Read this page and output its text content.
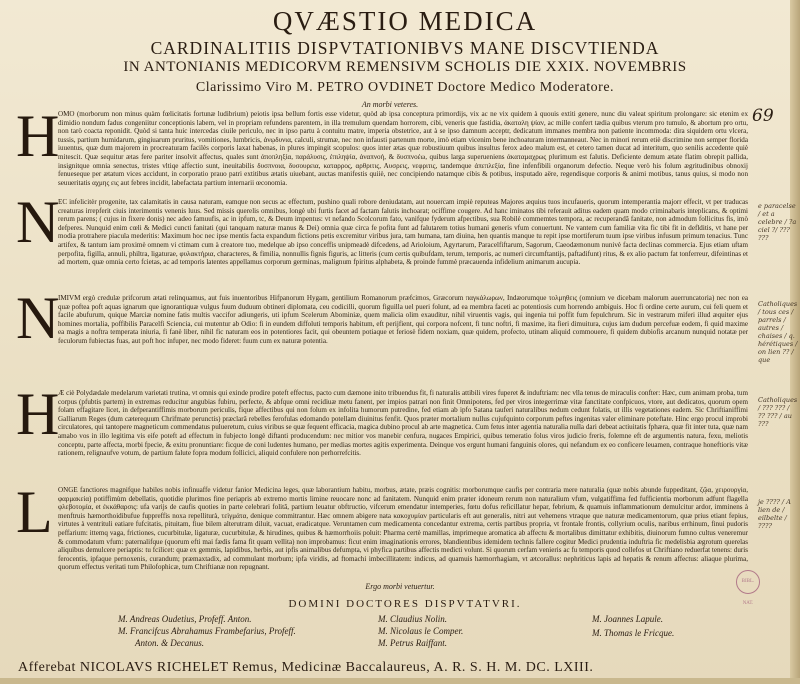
QVÆSTIO MEDICA
CARDINALITIIS DISPVTATIONIBVS MANE DISCVTIENDA
IN ANTONIANIS MEDICORVM REMENSIVM SCHOLIS DIE XXIX. NOVEMBRIS
Clarissimo Viro M. PETRO OVDINET Doctore Medico Moderatore.
An morbi veteres.
69
H

OMO (morborum non minus quàm fœlicitatis fortunæ ludibrium) peiotis ipsa bellum fortis esse videtur, quòd ab ipsa conceptura primordijs, vix ac ne vix quidem à quouis extiti genere, nunc diu valeat spiritum prolongare: sic etenim ex dimidio nondum fadus congeniitur conceptionis labem, vel in propriam refundens parentem, in illa tremulum quendam horrorem, cibi, veneris que fastidia, ἀκαταλη ψίαν, ac mille confert tædia quibus vterum pro tumulo, & abortum pro ortu, non tarò coacta reponidit. Quòd si tanta huic intercedas ciuile periculo, nec in ipso partu à contuitu matre, imperia obstetrice, aut à se ipso damnum acceptr, dedicatum immanes membra non patiente incommoda: dira siquidem ortu vlcera, tussis, partium humidarum, gingiuarum pruritus, vomitiones, lumbricis, ἀνῳδυνια, calculi, strumæ, nec non infausti partenum morte, imò etiam vicenim bene inchoaturam intermanneaut. Nec in minori rerum etiè discrimine non semper florida iuuentus, quæ dum majorem in procreaturam facilès corporis laxat habenas, in plures impingit scopulos: quos inter ætas quæ robustiuum quibus insultus ferox adeo malum est, et cetero tamen ducat ad interitum, quo senilis accedente quiè mitescit. Quæ sequitur ætas fere pariter insolvit affectus, quales sunt ἀποπληξία, παράλυσις, ἐπιληψία, ἀναπνοή, & δυσπνοέω, quibus larga superueniens ἀκαταμαχρως plurimum est falutis. Deficiente demum ætate flatim obrepit pallida, insignitque omnia senectus, tristes vltiqe affectio sunt, ineuitabilis δυσπνοια, δυσουρεια, καταρρος, αρθριτις, Αυσρεις, νεφριτις, tandemque ἀπεπλεξία, fine infenfibili organorum defectio. Neque verò his folum ægritudinibus obnoxij fenueseque per ætatum vices accidunt, in corporatio prauo patri extitibus ætatis uiuebant, auctas manifestis quiiè, nec concipiendo natamque cibis & potibus, insputado aëre, regendisque corporis & animi motibus, tanus quius, si modo non seuueritatis αχμης εις aut febres incidit, labefactata partium internarii œconomia.

N

EC infelicitèr progenite, tax calamitatis in causa naturam, eamque non secus ac effectum, pushino quali robore deniudatam, aut nouercam impiè reputeas Majores æquius tuos incufaueris, quorum intemperantia majorr effecit, vt per traducas creaturas irrepferit ciuis interimentis venenis luus. Sed missis querelis omnibus, longè ubi furtis facet ad factam falutis inchoarat; ociffime cougere. Ad hanc iminatos tibi referauit aditus eadem quam modo criminabaris inteplicans, & optimi rerum parens; ( cujus in fixere donis) nec adeo famuufis, ac in ipfum, tc, & Deum impentus: vt nefando Scolcorum fato, vanifque fyderum afpectibus, sua Robilè commemtes tempora, ac recuperandâ fanitate, non admodum follicitus fis, imò defperes. Nunquid enim cœli & Medici cuncti fanitati (qui tanquam naturæ manus & Dei) omnia quæ circa fe pofita funt ad falutarem totius humani generis vfum conuertunt. Ne vantem cum familiæ vita fic tibi fit in deflditis, vt hane per modia protrahere piacula mederitis: Maximum hoc nec ipse mentis facta expandum fictions petis excremitur viribus jura, tam humana, tam diuina, hen quantis manque tu repit ipse mortiferum tuum ipse viribus infusum primum tenacius. Tunc artifex, & tantum iam proximè omnem vi ctimam cum à creatore tuo, medelque ab ipso conceffis unipmeadè difcedens, ad Arioloium, Agyrtarum, Paracelfiftarum, Sagorum, Caeodæmonum nunivè facta declinas commercia. Ejus etiam uftam perpofita, figilla, annuli, philtra, ligaturae, φυλακτήρια, characteres, & fimilia, nonnullis fignis figuris, ac litteris (cum certis quibufdam, terum, temporis, ac numeri circumftantijs, paftadifunt) ritus, & ex alio pactum fat tonferreur, difeintinas et ad mortem, quæ omnia certo fcietas, ac ad temporis latentes appellamus corporum germinas, malignum fpiritus alphabeta, & proinde fummè præcauenda infidelium animarum aucupia.

e paracelse / et a celebre / ?a ciel ?/ ??? ???
N

IMIVM ergò credulæ prifcorum ætati relinquamus, aut fuis inuentoribus Hifpanorum Hygam, gentilium Romanorum præfcimos, Græcorum παγκάλωρων, Indæorumque τολμηθεις (omnium ve dicebam malorum auerruncatoria) nec non ea quæ poftea poft aquas ignarum que ignorantiquæ vulgus fuum duduum obtineri diplomata, ceu codicilli, quorum figuilla uel pueri folunt, ad ea membra faceti ac potentiosis cum horrendo ambiguis. Hoc fi ordine certe aurum, cui feli quem et facile abufurum, quique Marciæ nomine fatis multis vaccifor adiungeris, uti ipfum Scelerum Abominiæ, quem malicia olim exauditur, nihil viruentis vagis, qui ingenia tui poffit fum fepulchrum. Sic in vestrarum miferi illud æquiter ejus homines mortalia, poffibilis Paracelfi Sciencia, cui mutentur ab Odio: fi in eundem diffoluti temporis habitum, eft perijfient, qui corpora nofcent, fi tunc noftri, fi maxime, ita fieri dimuitura, cujus iam dudum percefuæ eodem, fi quid maxime ea magis a noftra temperata iniuria, fi fanè liber, nihil fic naturam eos in potentiores facit, qui obeuntem potiaque et feriosè fidem noxiam, quæ quidem, profecto, utinam aliquid commouere, fi quidem dubiofis arcanum nunquid notatæ per feculorum fubiectas fuas, aut poft hoc infuper, nec modo fideret: fuum cum ex naturæ potentia.

Catholiques / tous ces / parrels / autres / chaises / q. hérétiques / on lien ?? / que
H

Æ ciè Polydædale medelarum varietati trutina, vt omnis qui exinde prodire poteft effectus, pacto cum dæmone inito tribuendus fit, fi naturalis attibili vires fuperet & induftriam: nec vlla tenus de miraculis confter: Hæc, cum animam proba, tum corpus (pfubtis partem) in extremas reducitur angubias fubiru, perfecte, & abfque omni recidiuæ metu fanent, per impios patrari non finit Omnipotens, fed per viros integerrimæ vitæ fanctitate confpicuos, vtore, aut dedicatos, quorum opem folam effagitare licet, in defperantiffimis morborum periculis, fique affectibus qui non folum ex infolita humorum putredine, fed etiam ab ipfo Satana tauferi naturalibus nedum cedunt folatis, ut illis vegetationes eadem. Sic Chriftianiffimi Galliarum Reges (dum cæterequum Chrifmate perunctis) præclarâ rebelles ferofulas edomando potellam diuinitus fenfit. Quos præter mortalium nullus cujufquinto corporum peftes ingenitas valer eliminare poteftate. Hinc ergo procul improbi circulatores, qui tantopere magneticum commendatus pulueretum, cuius viribus se quæ fequent efficacia, magica dubino procul ab arte magnetica. Cum fetus inter agentia naturalia nulla dari debeat actiuitatis fphæra, quæ fit inter tuta, quæ nam amabo vos in illo legitima vis eife poteft ad effectum in fubjecto longè diftanti producendum: nec mitior vos manebir cenfura, nugaces Empirici, quibus temeratio folus viros judicio freris, folemne eft de argumentis natura, fexu, meliotis conceptu, parte affecta, morbi fpecie, & exitu pronuntiare: ficque de coni ludentes humano, per medias mortes agitis experimenta. Deinque vos ergunt humani fanguinis olores, qui nefandum ex eo conficere leuamen, contraque honeftioris vitæ rationem, relignaufve votum, de partium falute fopra modum follicici, aliquid confulere non perhorrefcitis.

Catholiques / ??? ??? / ?? ??? / au ???
L ONGE fanctiores magnifque habiles nobis infinuaffe videtur fanior Medicina leges, quæ laborantium habitu, morbus, ætate, præis cognitis: morborumque caufis per contraria mere naturalia (quæ nobis abunde fuppeditant, ζῷα, χειρουργία, φαρμακεία) potiffimùm debellatis, quotidie plurimos fine periapris ab extremo mortis limine reuocare nonc ad fanitatem. Nunquid enim præter idoneum rerum non naturalium vfum, vulgatiffima fed fufficientia morborum adfunt flagella φλεβοτομία, et ἐκκάθαρσις: ufa varijs de caufis quoties in parte celebrari folitâ, partium leuatur obftructio, vifcerum emendatur intemperies, fœtu dofus reficillatur hepar, febrium, & quamuis inflammationum demulcitur ardor, imminens à menftruis hæmorthoidibufue fuppreffis noxa repelliturà, τεὶγμάτα, denique commitrantur. Hæc omnem abigere nata κακοχυμίαν particularis eft aut generalis, nitri aut vehemens vtraque que naturæ medicamentorum, quæ prius etiant fepius, virtutes à ventrituli eatiare fufcitatis, pituitam, fiue bilem alterutram diluit, vacuat, eradicatque. Veruntamen cum medicamenta concedantur extrema, certis partibus propria, vt frontale frontis, collyrium oculis, naribus errhinum, finui pudoris peffarium: ittemq vaga, frictiones, cucurbitulæ, ligaturæ, cucurbitulæ, & hirudines, quibus & hæmorrhoiis poluit: Pharma certè mamillas, imprimeque aromatica ab affectu & mortalibus dimittatur exhibitis, diuinorum fumno cultus veneremur & commodatum vfum: paternalifque (quorum efti mai fædis fama fit quam vellita) non improbamus: ficut enim imaginationis errores, blandientibus idemidem technis fallere cogitur Medici prudentia induftria fic medelisbia ægrotum querelas aliquibus demulcere periaptis: tu fcilicet: quæ ex gemmis, lapidibus, herbis, aut ipfis animalibus defumpta, vi phyfica partibus affectis medicti volunt. Si quorum cerfam venieris ac fu temporis quod collefos ut Chriftiano reduerfat tenens: duris ferocentis, ipfaque pernoxenis, curandum; præmaxtadix, ad commulant morbum; ipfa viridis, ad ftomachi imbecillitatem: indicus, ad quamuis hæmorrhagiam, vt ætcorallus: nephriticus lapis ad hepatis & renum affectus: aliaque plurima, quorum effectus veritati tum Philofophicæ, tum Chriftianæ non repugnant.

je ???? / A lien de / eilbelte / ????
BIBL. NAT.
Ergo morbi vetuertur.
DOMINI DOCTORES DISPVTATVRI.
M. Andreas Oudetius, Profeff. Anton.
M. Francifcus Abrahamus Frambefarius, Profeff.
Anton. & Decanus.
M. Claudius Nolin.
M. Nicolaus le Comper.
M. Petrus Raiffant.
M. Joannes Lapule.
M. Thomas le Fricque.
Afferebat NICOLAVS RICHELET Remus, Medicinæ Baccalaureus, A. R. S. H. M. DC. LXIII.
